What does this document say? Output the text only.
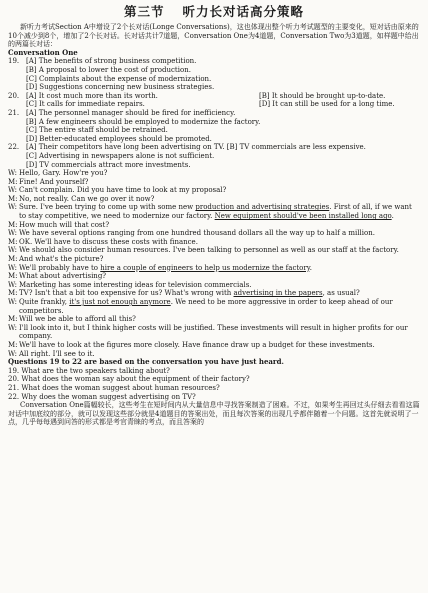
第三节 听力长对话高分策略

新听力考试Section A中增设了2个长对话(Longe Conversations)，这也体现出整个听力考试题型的主要变化，短对话由原来的10个减少到8个，增加了2个长对话。长对话共计7道题，Conversation One为4道题，Conversation Two为3道题，如样题中给出的两篇长对话：

Conversation One

19. [A] The benefits of strong business competition.
[B] A proposal to lower the cost of production.
[C] Complaints about the expense of modernization.
[D] Suggestions concerning new business strategies.
20. [A] It cost much more than its worth.	[B] It should be brought up-to-date.
[C] It calls for immediate repairs.	[D] It can still be used for a long time.
21. [A] The personnel manager should be fired for inefficiency.
[B] A few engineers should be employed to modernize the factory.
[C] The entire staff should be retrained.
[D] Better-educated employees should be promoted.
22. [A] Their competitors have long been advertising on TV. [B] TV commercials are less expensive.
[C] Advertising in newspapers alone is not sufficient.
[D] TV commercials attract more investments.
W: Hello, Gary. How're you?
M: Fine! And yourself?
W: Can't complain. Did you have time to look at my proposal?
M: No, not really. Can we go over it now?
W: Sure. I've been trying to come up with some new production and advertising strategies. First of all, if we want to stay competitive, we need to modernize our factory. New equipment should've been installed long ago.
M: How much will that cost?
W: We have several options ranging from one hundred thousand dollars all the way up to half a million.
M: OK. We'll have to discuss these costs with finance.
W: We should also consider human resources. I've been talking to personnel as well as our staff at the factory.
M: And what's the picture?
W: We'll probably have to hire a couple of engineers to help us modernize the factory.
M: What about advertising?
W: Marketing has some interesting ideas for television commercials.
M: TV? Isn't that a bit too expensive for us? What's wrong with advertising in the papers, as usual?
W: Quite frankly, it's just not enough anymore. We need to be more aggressive in order to keep ahead of our competitors.
M: Will we be able to afford all this?
W: I'll look into it, but I think higher costs will be justified. These investments will result in higher profits for our company.
M: We'll have to look at the figures more closely. Have finance draw up a budget for these investments.
W: All right. I'll see to it.

Questions 19 to 22 are based on the conversation you have just heard.

19. What are the two speakers talking about?

20. What does the woman say about the equipment of their factory?

21. What does the woman suggest about human resources?

22. Why does the woman suggest advertising on TV?

Conversation One篇幅较长，这些考生在短时间内从大量信息中寻找答案制造了困难。不过，如果考生再回过头仔细去看看这篇对话中加底纹的部分，就可以发现这些部分就是4道题目的答案出处，而且每次答案的出现几乎都伴随着一个问题。这首先就说明了一点，几乎每每遇到问答的形式都是考官青睐的考点，而且答案的
